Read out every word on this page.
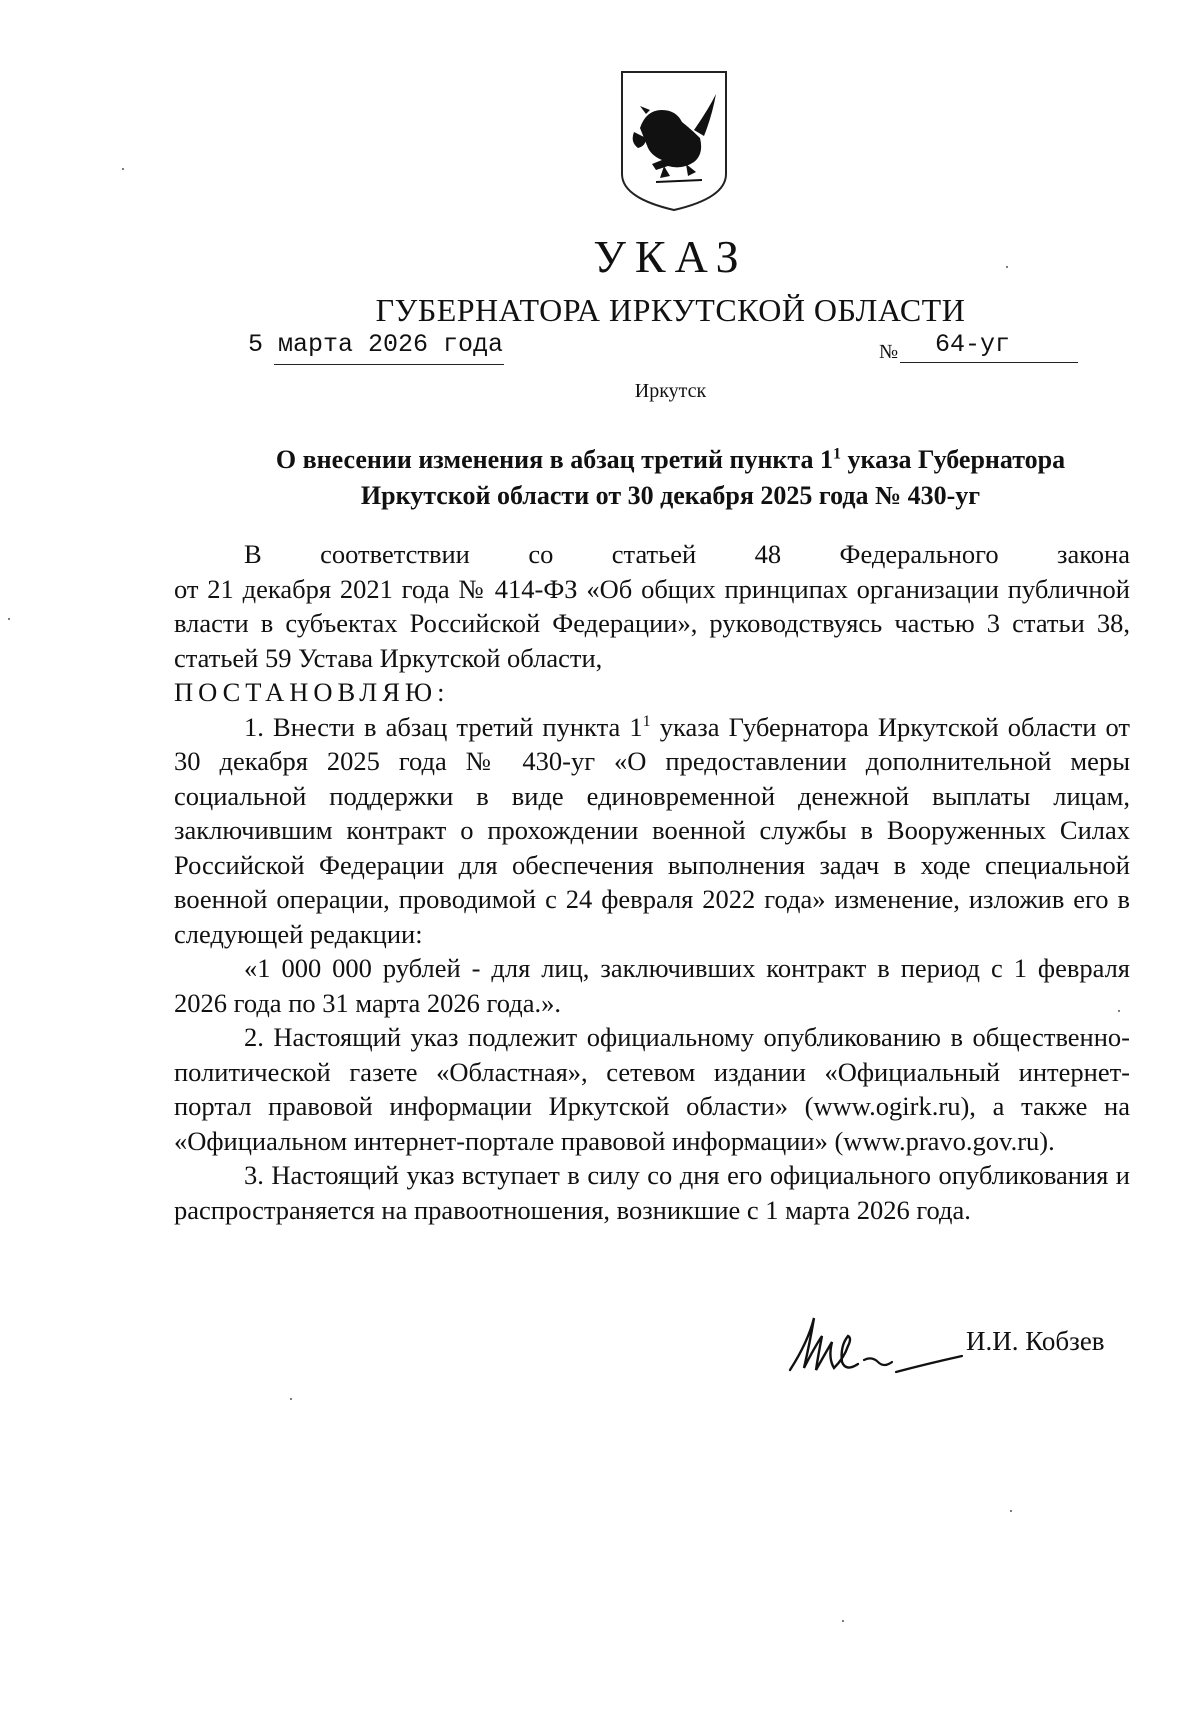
УКАЗ
ГУБЕРНАТОРА ИРКУТСКОЙ ОБЛАСТИ
5 марта 2026 года	№ 64-уг
Иркутск
О внесении изменения в абзац третий пункта $1^1$ указа Губернатора
Иркутской области от 30 декабря 2025 года № 430-уг

В соответствии со статьей 48 Федерального закона

от 21 декабря 2021 года № 414-ФЗ «Об общих принципах организации публичной власти в субъектах Российской Федерации», руководствуясь частью 3 статьи 38, статьей 59 Устава Иркутской области,

ПОСТАНОВЛЯЮ:

1. Внести в абзац третий пункта $1^1$ указа Губернатора Иркутской области от 30 декабря 2025 года № 430-уг «О предоставлении дополнительной меры социальной поддержки в виде единовременной денежной выплаты лицам, заключившим контракт о прохождении военной службы в Вооруженных Силах Российской Федерации для обеспечения выполнения задач в ходе специальной военной операции, проводимой с 24 февраля 2022 года» изменение, изложив его в следующей редакции:

«1 000 000 рублей - для лиц, заключивших контракт в период с 1 февраля 2026 года по 31 марта 2026 года.».

2. Настоящий указ подлежит официальному опубликованию в общественно-политической газете «Областная», сетевом издании «Официальный интернет-портал правовой информации Иркутской области» (www.ogirk.ru), а также на «Официальном интернет-портале правовой информации» (www.pravo.gov.ru).

3. Настоящий указ вступает в силу со дня его официального опубликования и распространяется на правоотношения, возникшие с 1 марта 2026 года.

И.И. Кобзев
